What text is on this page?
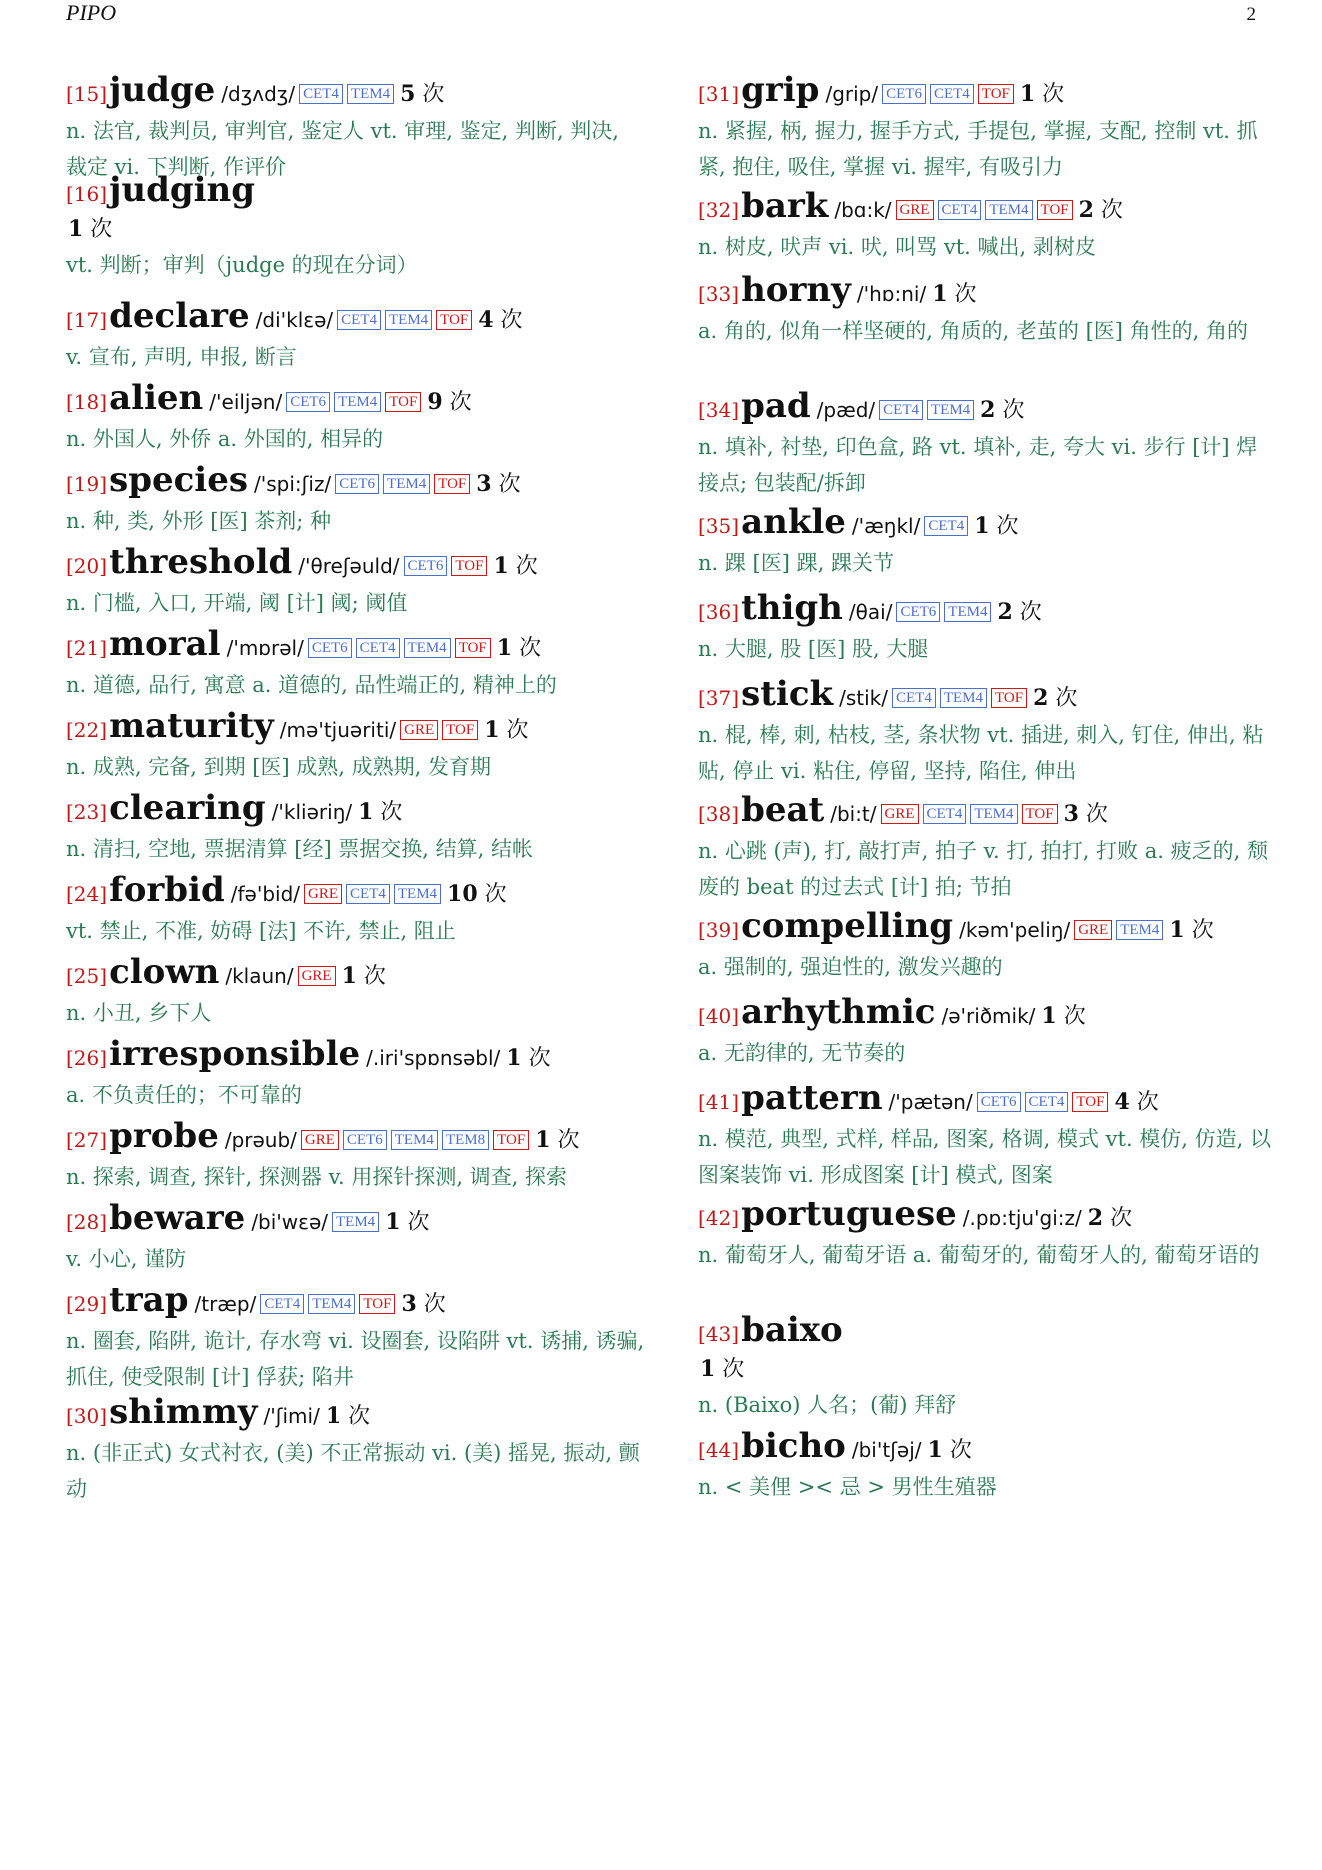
PIPO	2
[15] judge /dʒʌdʒ/ CET4 TEM4 5 次
n. 法官, 裁判员, 审判官, 鉴定人 vt. 审理, 鉴定, 判断, 判决, 裁定 vi. 下判断, 作评价
[16] judging
1 次
vt. 判断；审判（judge 的现在分词）
[17] declare /di'klεə/ CET4 TEM4 TOF 4 次
v. 宣布, 声明, 申报, 断言
[18] alien /'eiljən/ CET6 TEM4 TOF 9 次
n. 外国人, 外侨 a. 外国的, 相异的
[19] species /'spi:ʃiz/ CET6 TEM4 TOF 3 次
n. 种, 类, 外形 [医] 茶剂; 种
[20] threshold /'θreʃəuld/ CET6 TOF 1 次
n. 门槛, 入口, 开端, 阈 [计] 阈; 阈值
[21] moral /'mɒrəl/ CET6 CET4 TEM4 TOF 1 次
n. 道德, 品行, 寓意 a. 道德的, 品性端正的, 精神上的
[22] maturity /mə'tjuəriti/ GRE TOF 1 次
n. 成熟, 完备, 到期 [医] 成熟, 成熟期, 发育期
[23] clearing /'kliəriŋ/ 1 次
n. 清扫, 空地, 票据清算 [经] 票据交换, 结算, 结帐
[24] forbid /fə'bid/ GRE CET4 TEM4 10 次
vt. 禁止, 不准, 妨碍 [法] 不许, 禁止, 阻止
[25] clown /klaun/ GRE 1 次
n. 小丑, 乡下人
[26] irresponsible /.iri'spɒnsəbl/ 1 次
a. 不负责任的；不可靠的
[27] probe /prəub/ GRE CET6 TEM4 TEM8 TOF 1 次
n. 探索, 调查, 探针, 探测器 v. 用探针探测, 调查, 探索
[28] beware /bi'wεə/ TEM4 1 次
v. 小心, 谨防
[29] trap /træp/ CET4 TEM4 TOF 3 次
n. 圈套, 陷阱, 诡计, 存水弯 vi. 设圈套, 设陷阱 vt. 诱捕, 诱骗, 抓住, 使受限制 [计] 俘获; 陷井
[30] shimmy /'ʃimi/ 1 次
n. (非正式) 女式衬衣, (美) 不正常振动 vi. (美) 摇晃, 振动, 颤动
[31] grip /grip/ CET6 CET4 TOF 1 次
n. 紧握, 柄, 握力, 握手方式, 手提包, 掌握, 支配, 控制 vt. 抓紧, 抱住, 吸住, 掌握 vi. 握牢, 有吸引力
[32] bark /bɑ:k/ GRE CET4 TEM4 TOF 2 次
n. 树皮, 吠声 vi. 吠, 叫骂 vt. 喊出, 剥树皮
[33] horny /'hɒ:ni/ 1 次
a. 角的, 似角一样坚硬的, 角质的, 老茧的 [医] 角性的, 角的
[34] pad /pæd/ CET4 TEM4 2 次
n. 填补, 衬垫, 印色盒, 路 vt. 填补, 走, 夸大 vi. 步行 [计] 焊接点; 包装配/拆卸
[35] ankle /'æŋkl/ CET4 1 次
n. 踝 [医] 踝, 踝关节
[36] thigh /θai/ CET6 TEM4 2 次
n. 大腿, 股 [医] 股, 大腿
[37] stick /stik/ CET4 TEM4 TOF 2 次
n. 棍, 棒, 刺, 枯枝, 茎, 条状物 vt. 插进, 刺入, 钉住, 伸出, 粘贴, 停止 vi. 粘住, 停留, 坚持, 陷住, 伸出
[38] beat /bi:t/ GRE CET4 TEM4 TOF 3 次
n. 心跳 (声), 打, 敲打声, 拍子 v. 打, 拍打, 打败 a. 疲乏的, 颓废的 beat 的过去式 [计] 拍; 节拍
[39] compelling /kəm'peliŋ/ GRE TEM4 1 次
a. 强制的, 强迫性的, 激发兴趣的
[40] arhythmic /ə'riðmik/ 1 次
a. 无韵律的, 无节奏的
[41] pattern /'pætən/ CET6 CET4 TOF 4 次
n. 模范, 典型, 式样, 样品, 图案, 格调, 模式 vt. 模仿, 仿造, 以图案装饰 vi. 形成图案 [计] 模式, 图案
[42] portuguese /.pɒ:tju'gi:z/ 2 次
n. 葡萄牙人, 葡萄牙语 a. 葡萄牙的, 葡萄牙人的, 葡萄牙语的
[43] baixo
1 次
n. (Baixo) 人名；(葡) 拜舒
[44] bicho /bi'tʃəj/ 1 次
n. < 美俚 >< 忌 > 男性生殖器
